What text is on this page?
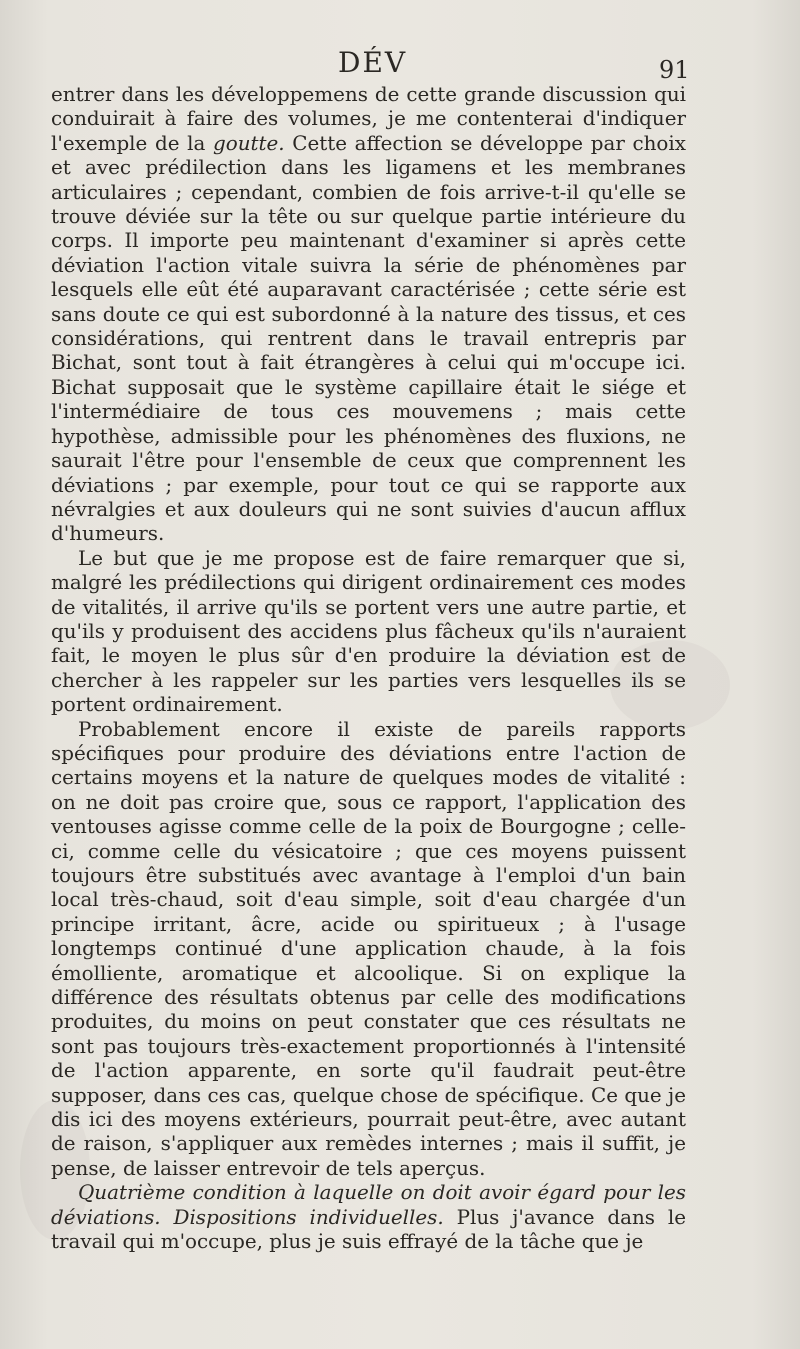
DÉV	91

entrer dans les développemens de cette grande discussion qui conduirait à faire des volumes, je me contenterai d'indiquer l'exemple de la goutte. Cette affection se développe par choix et avec prédilection dans les ligamens et les membranes articulaires ; cependant, combien de fois arrive-t-il qu'elle se trouve déviée sur la tête ou sur quelque partie intérieure du corps. Il importe peu maintenant d'examiner si après cette déviation l'action vitale suivra la série de phénomènes par lesquels elle eût été auparavant caractérisée ; cette série est sans doute ce qui est subordonné à la nature des tissus, et ces considérations, qui rentrent dans le travail entrepris par Bichat, sont tout à fait étrangères à celui qui m'occupe ici. Bichat supposait que le système capillaire était le siége et l'intermédiaire de tous ces mouvemens ; mais cette hypothèse, admissible pour les phénomènes des fluxions, ne saurait l'être pour l'ensemble de ceux que comprennent les déviations ; par exemple, pour tout ce qui se rapporte aux névralgies et aux douleurs qui ne sont suivies d'aucun afflux d'humeurs.

Le but que je me propose est de faire remarquer que si, malgré les prédilections qui dirigent ordinairement ces modes de vitalités, il arrive qu'ils se portent vers une autre partie, et qu'ils y produisent des accidens plus fâcheux qu'ils n'auraient fait, le moyen le plus sûr d'en produire la déviation est de chercher à les rappeler sur les parties vers lesquelles ils se portent ordinairement.

Probablement encore il existe de pareils rapports spécifiques pour produire des déviations entre l'action de certains moyens et la nature de quelques modes de vitalité : on ne doit pas croire que, sous ce rapport, l'application des ventouses agisse comme celle de la poix de Bourgogne ; celle-ci, comme celle du vésicatoire ; que ces moyens puissent toujours être substitués avec avantage à l'emploi d'un bain local très-chaud, soit d'eau simple, soit d'eau chargée d'un principe irritant, âcre, acide ou spiritueux ; à l'usage longtemps continué d'une application chaude, à la fois émolliente, aromatique et alcoolique. Si on explique la différence des résultats obtenus par celle des modifications produites, du moins on peut constater que ces résultats ne sont pas toujours très-exactement proportionnés à l'intensité de l'action apparente, en sorte qu'il faudrait peut-être supposer, dans ces cas, quelque chose de spécifique. Ce que je dis ici des moyens extérieurs, pourrait peut-être, avec autant de raison, s'appliquer aux remèdes internes ; mais il suffit, je pense, de laisser entrevoir de tels aperçus.

Quatrième condition à laquelle on doit avoir égard pour les déviations. Dispositions individuelles. Plus j'avance dans le travail qui m'occupe, plus je suis effrayé de la tâche que je
